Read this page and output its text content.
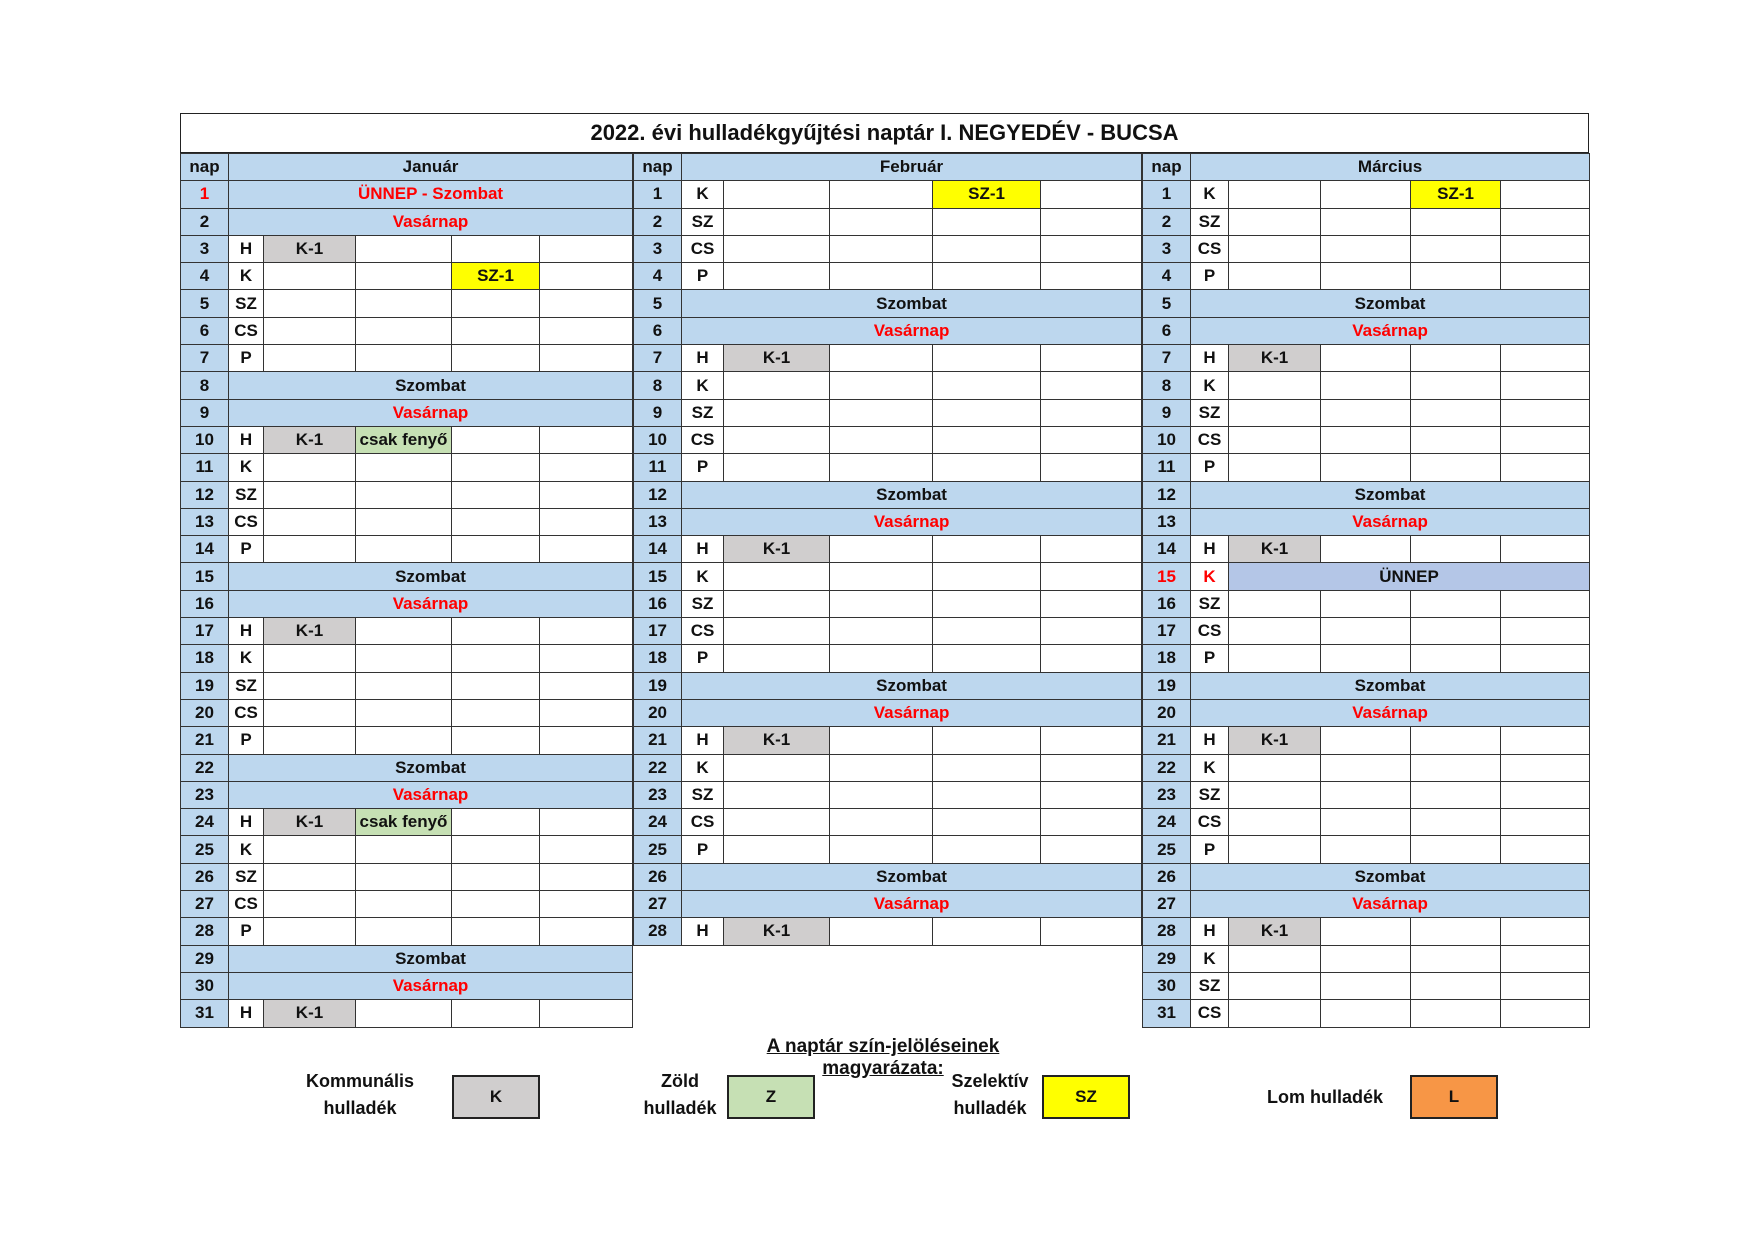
2022. évi hulladékgyűjtési naptár I. NEGYEDÉV - BUCSA
nap	Január				
1	ÜNNEP - Szombat				
2	Vasárnap				
3	H	K-1			
4	K			SZ-1	
5	SZ				
6	CS				
7	P				
8	Szombat				
9	Vasárnap				
10	H	K-1	csak fenyő		
11	K				
12	SZ				
13	CS				
14	P				
15	Szombat				
16	Vasárnap				
17	H	K-1			
18	K				
19	SZ				
20	CS				
21	P				
22	Szombat				
23	Vasárnap				
24	H	K-1	csak fenyő		
25	K				
26	SZ				
27	CS				
28	P				
29	Szombat				
30	Vasárnap				
31	H	K-1			
nap	Február				
1	K			SZ-1	
2	SZ				
3	CS				
4	P				
5	Szombat				
6	Vasárnap				
7	H	K-1			
8	K				
9	SZ				
10	CS				
11	P				
12	Szombat				
13	Vasárnap				
14	H	K-1			
15	K				
16	SZ				
17	CS				
18	P				
19	Szombat				
20	Vasárnap				
21	H	K-1			
22	K				
23	SZ				
24	CS				
25	P				
26	Szombat				
27	Vasárnap				
28	H	K-1			
nap	Március				
1	K			SZ-1	
2	SZ				
3	CS				
4	P				
5	Szombat				
6	Vasárnap				
7	H	K-1			
8	K				
9	SZ				
10	CS				
11	P				
12	Szombat				
13	Vasárnap				
14	H	K-1			
15	K	ÜNNEP			
16	SZ				
17	CS				
18	P				
19	Szombat				
20	Vasárnap				
21	H	K-1			
22	K				
23	SZ				
24	CS				
25	P				
26	Szombat				
27	Vasárnap				
28	H	K-1			
29	K				
30	SZ				
31	CS				
A naptár szín-jelöléseinek magyarázata:
Kommunális
hulladék
K
Zöld
hulladék
Z
Szelektív
hulladék
SZ	Lom hulladék	L
